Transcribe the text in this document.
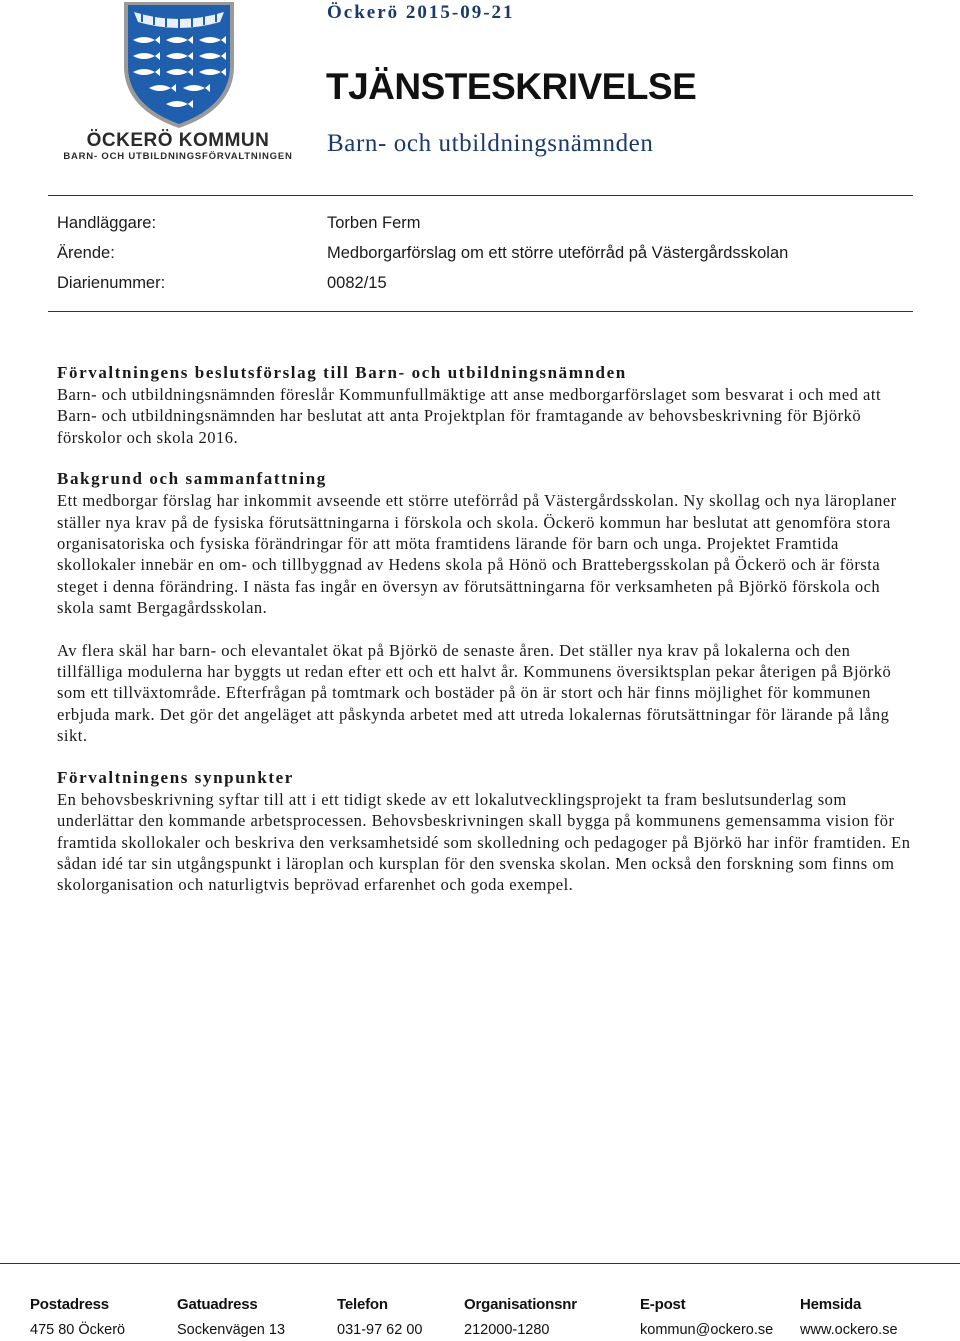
ÖCKERÖ KOMMUN
BARN- OCH UTBILDNINGSFÖRVALTNINGEN
Öckerö 2015-09-21
TJÄNSTESKRIVELSE
Barn- och utbildningsnämnden
Handläggare:	Torben Ferm
Ärende:	Medborgarförslag om ett större uteförråd på Västergårdsskolan
Diarienummer:	0082/15
Förvaltningens beslutsförslag till Barn- och utbildningsnämnden

Barn- och utbildningsnämnden föreslår Kommunfullmäktige att anse medborgarförslaget som besvarat i och med att Barn- och utbildningsnämnden har beslutat att anta Projektplan för framtagande av behovsbeskrivning för Björkö förskolor och skola 2016.

Bakgrund och sammanfattning

Ett medborgar förslag har inkommit avseende ett större uteförråd på Västergårdsskolan. Ny skollag och nya läroplaner ställer nya krav på de fysiska förutsättningarna i förskola och skola. Öckerö kommun har beslutat att genomföra stora organisatoriska och fysiska förändringar för att möta framtidens lärande för barn och unga. Projektet Framtida skollokaler innebär en om- och tillbyggnad av Hedens skola på Hönö och Brattebergsskolan på Öckerö och är första steget i denna förändring. I nästa fas ingår en översyn av förutsättningarna för verksamheten på Björkö förskola och skola samt Bergagårdsskolan.

Av flera skäl har barn- och elevantalet ökat på Björkö de senaste åren. Det ställer nya krav på lokalerna och den tillfälliga modulerna har byggts ut redan efter ett och ett halvt år. Kommunens översiktsplan pekar återigen på Björkö som ett tillväxtområde. Efterfrågan på tomtmark och bostäder på ön är stort och här finns möjlighet för kommunen erbjuda mark. Det gör det angeläget att påskynda arbetet med att utreda lokalernas förutsättningar för lärande på lång sikt.

Förvaltningens synpunkter

En behovsbeskrivning syftar till att i ett tidigt skede av ett lokalutvecklingsprojekt ta fram beslutsunderlag som underlättar den kommande arbetsprocessen. Behovsbeskrivningen skall bygga på kommunens gemensamma vision för framtida skollokaler och beskriva den verksamhetsidé som skolledning och pedagoger på Björkö har inför framtiden. En sådan idé tar sin utgångspunkt i läroplan och kursplan för den svenska skolan. Men också den forskning som finns om skolorganisation och naturligtvis beprövad erfarenhet och goda exempel.

Postadress
475 80 Öckerö
Gatuadress
Sockenvägen 13
Telefon
031-97 62 00
Organisationsnr
212000-1280
E-post
kommun@ockero.se
Hemsida
www.ockero.se
